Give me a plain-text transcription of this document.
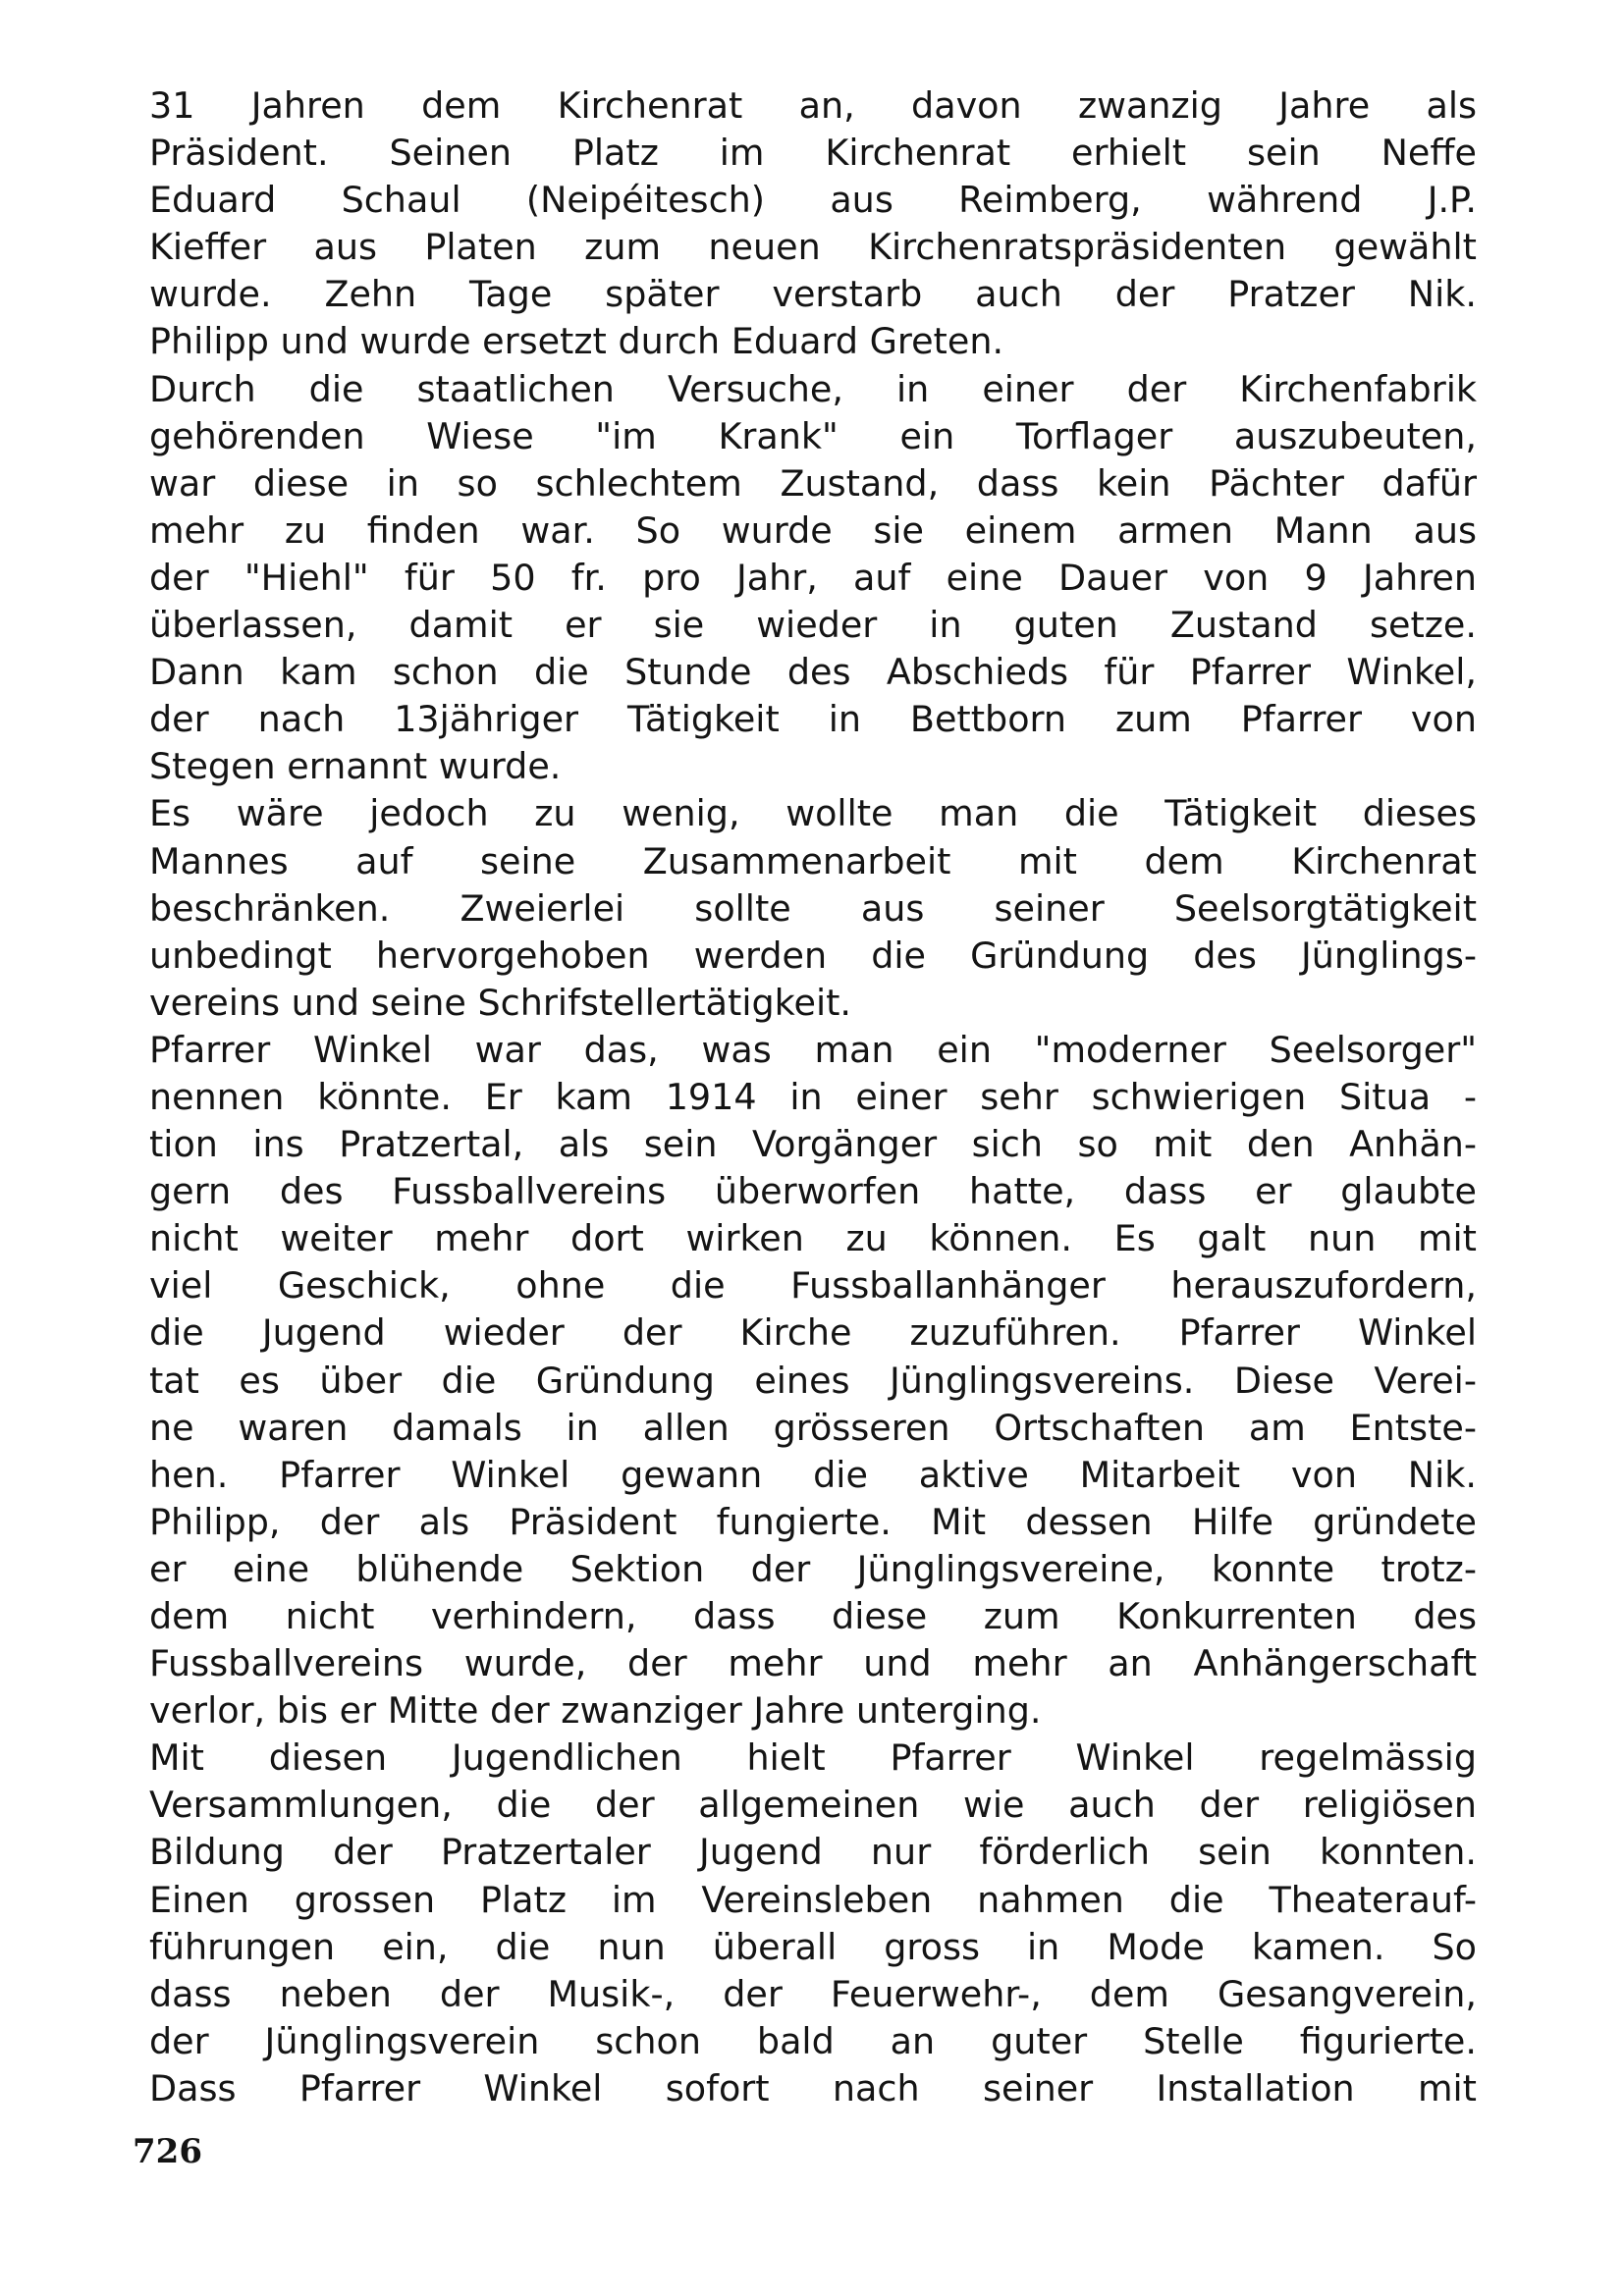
31 Jahren dem Kirchenrat an, davon zwanzig Jahre als
Präsident. Seinen Platz im Kirchenrat erhielt sein Neffe
Eduard Schaul (Neipéitesch) aus Reimberg, während J.P.
Kieffer aus Platen zum neuen Kirchenratspräsidenten gewählt
wurde. Zehn Tage später verstarb auch der Pratzer Nik.
Philipp und wurde ersetzt durch Eduard Greten.
Durch die staatlichen Versuche, in einer der Kirchenfabrik
gehörenden Wiese "im Krank" ein Torflager auszubeuten,
war diese in so schlechtem Zustand, dass kein Pächter dafür
mehr zu finden war. So wurde sie einem armen Mann aus
der "Hiehl" für 50 fr. pro Jahr, auf eine Dauer von 9 Jahren
überlassen, damit er sie wieder in guten Zustand setze.
Dann kam schon die Stunde des Abschieds für Pfarrer Winkel,
der nach 13jähriger Tätigkeit in Bettborn zum Pfarrer von
Stegen ernannt wurde.
Es wäre jedoch zu wenig, wollte man die Tätigkeit dieses
Mannes auf seine Zusammenarbeit mit dem Kirchenrat
beschränken. Zweierlei sollte aus seiner Seelsorgtätigkeit
unbedingt hervorgehoben werden die Gründung des Jünglings-
vereins und seine Schrifstellertätigkeit.
Pfarrer Winkel war das, was man ein "moderner Seelsorger"
nennen könnte. Er kam 1914 in einer sehr schwierigen Situa -
tion ins Pratzertal, als sein Vorgänger sich so mit den Anhän-
gern des Fussballvereins überworfen hatte, dass er glaubte
nicht weiter mehr dort wirken zu können. Es galt nun mit
viel Geschick, ohne die Fussballanhänger herauszufordern,
die Jugend wieder der Kirche zuzuführen. Pfarrer Winkel
tat es über die Gründung eines Jünglingsvereins. Diese Verei-
ne waren damals in allen grösseren Ortschaften am Entste-
hen. Pfarrer Winkel gewann die aktive Mitarbeit von Nik.
Philipp, der als Präsident fungierte. Mit dessen Hilfe gründete
er eine blühende Sektion der Jünglingsvereine, konnte trotz-
dem nicht verhindern, dass diese zum Konkurrenten des
Fussballvereins wurde, der mehr und mehr an Anhängerschaft
verlor, bis er Mitte der zwanziger Jahre unterging.
Mit diesen Jugendlichen hielt Pfarrer Winkel regelmässig
Versammlungen, die der allgemeinen wie auch der religiösen
Bildung der Pratzertaler Jugend nur förderlich sein konnten.
Einen grossen Platz im Vereinsleben nahmen die Theaterauf-
führungen ein, die nun überall gross in Mode kamen. So
dass neben der Musik-, der Feuerwehr-, dem Gesangverein,
der Jünglingsverein schon bald an guter Stelle figurierte.
Dass Pfarrer Winkel sofort nach seiner Installation mit
726
